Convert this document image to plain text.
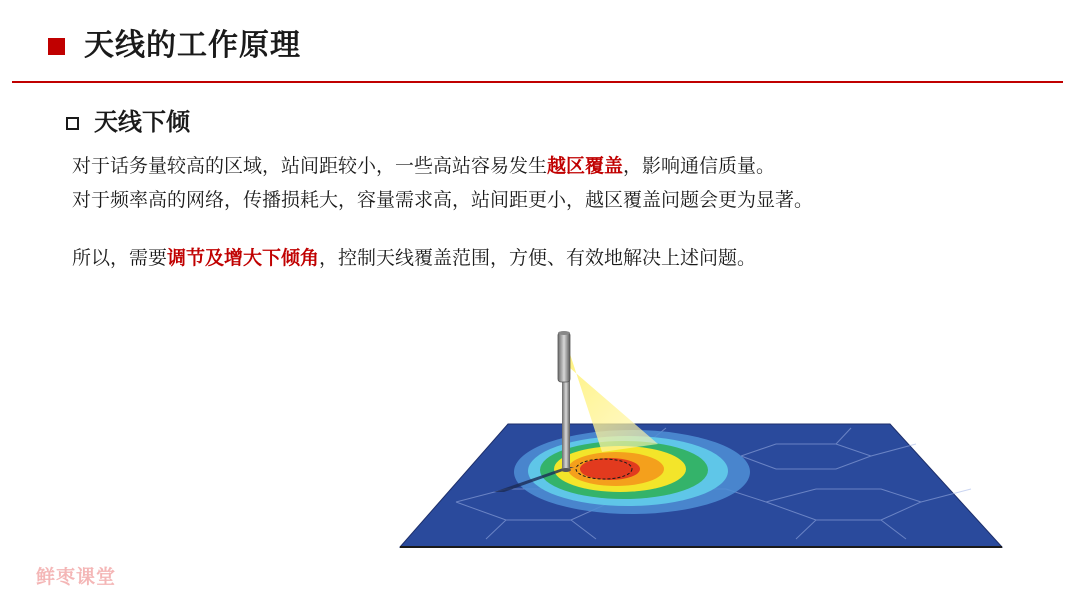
天线的工作原理
天线下倾
对于话务量较高的区域，站间距较小，一些高站容易发生越区覆盖，影响通信质量。
对于频率高的网络，传播损耗大，容量需求高，站间距更小，越区覆盖问题会更为显著。
所以，需要调节及增大下倾角，控制天线覆盖范围，方便、有效地解决上述问题。
鲜枣课堂
